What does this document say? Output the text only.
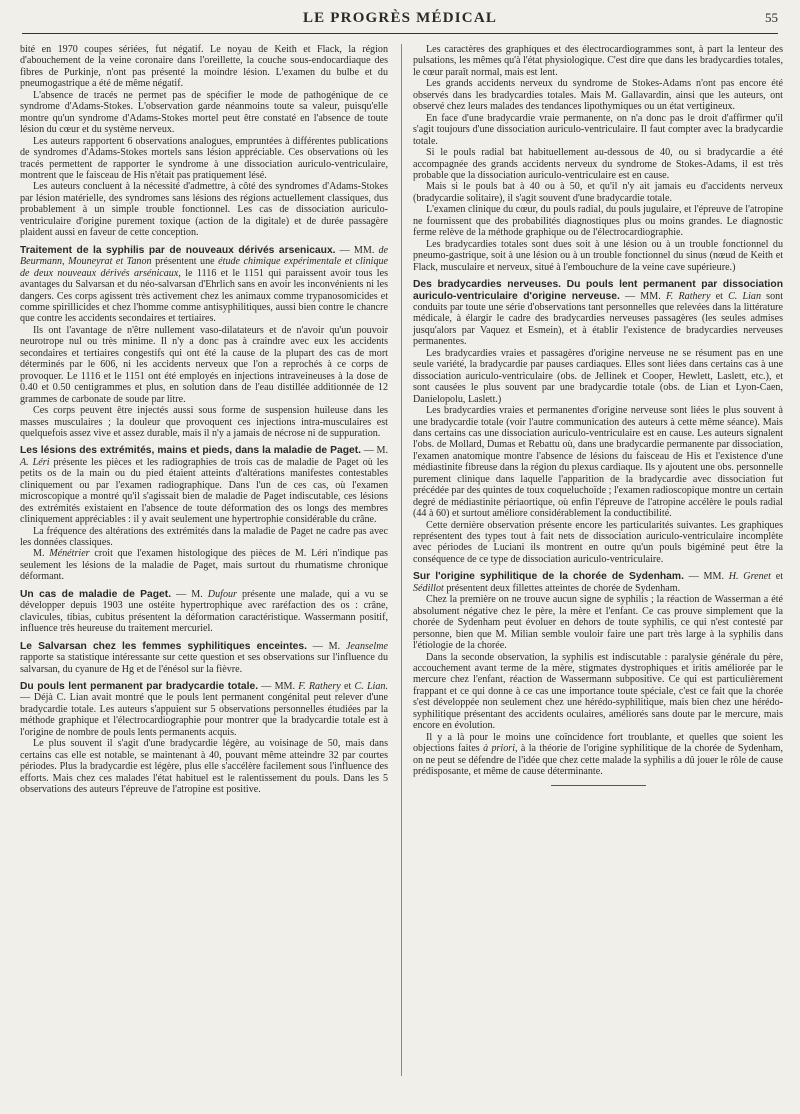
LE PROGRÈS MÉDICAL	55

bité en 1970 coupes sériées, fut négatif. Le noyau de Keith et Flack, la région d'abouchement de la veine coronaire dans l'oreillette, la couche sous-endocardiaque des fibres de Purkinje, n'ont pas présenté la moindre lésion. L'examen du bulbe et du pneumogastrique a été de même négatif.

L'absence de tracés ne permet pas de spécifier le mode de pathogénique de ce syndrome d'Adams-Stokes. L'observation garde néanmoins toute sa valeur, puisqu'elle montre qu'un syndrome d'Adams-Stokes mortel peut être constaté en l'absence de toute lésion du cœur et du système nerveux.

Les auteurs rapportent 6 observations analogues, empruntées à différentes publications de syndromes d'Adams-Stokes mortels sans lésion appréciable. Ces observations où les tracés permettent de rapporter le syndrome à une dissociation auriculo-ventriculaire, montrent que le faisceau de His n'était pas pratiquement lésé.

Les auteurs concluent à la nécessité d'admettre, à côté des syndromes d'Adams-Stokes par lésion matérielle, des syndromes sans lésions des régions actuellement classiques, dus probablement à un simple trouble fonctionnel. Les cas de dissociation auriculo-ventriculaire d'origine purement toxique (action de la digitale) et de durée passagère plaident aussi en faveur de cette conception.

Traitement de la syphilis par de nouveaux dérivés arsenicaux. — MM. de Beurmann, Mouneyrat et Tanon présentent une étude chimique expérimentale et clinique de deux nouveaux dérivés arsénicaux, le 1116 et le 1151 qui paraissent avoir tous les avantages du Salvarsan et du néo-salvarsan d'Ehrlich sans en avoir les inconvénients ni les dangers. Ces corps agissent très activement chez les animaux comme trypanosomicides et comme spirillicides et chez l'homme comme antisyphilitiques, aussi bien contre le chancre que contre les accidents secondaires et tertiaires.

Ils ont l'avantage de n'être nullement vaso-dilatateurs et de n'avoir qu'un pouvoir neurotrope nul ou très minime. Il n'y a donc pas à craindre avec eux les accidents secondaires et tertiaires congestifs qui ont été la cause de la plupart des cas de mort déterminés par le 606, ni les accidents nerveux que l'on a reprochés à ce corps de provoquer. Le 1116 et le 1151 ont été employés en injections intraveineuses à la dose de 0.40 et 0.50 centigrammes et plus, en solution dans de l'eau distillée additionnée de 12 grammes de carbonate de soude par litre.

Ces corps peuvent être injectés aussi sous forme de suspension huileuse dans les masses musculaires ; la douleur que provoquent ces injections intra-musculaires est quelquefois assez vive et assez durable, mais il n'y a jamais de nécrose ni de suppuration.

Les lésions des extrémités, mains et pieds, dans la maladie de Paget. — M. A. Léri présente les pièces et les radiographies de trois cas de maladie de Paget où les petits os de la main ou du pied étaient atteints d'altérations manifestes contestables cliniquement ou par l'examen radiographique. Dans l'un de ces cas, où l'examen microscopique a montré qu'il s'agissait bien de maladie de Paget indiscutable, ces lésions des extrémités existaient en l'absence de toute déformation des os longs des membres cliniquement appréciables : il y avait seulement une hypertrophie considérable du crâne.

La fréquence des altérations des extrémités dans la maladie de Paget ne cadre pas avec les données classiques.

M. Ménétrier croit que l'examen histologique des pièces de M. Léri n'indique pas seulement les lésions de la maladie de Paget, mais surtout du rhumatisme chronique déformant.

Un cas de maladie de Paget. — M. Dufour présente une malade, qui a vu se développer depuis 1903 une ostéite hypertrophique avec raréfaction des os : crâne, clavicules, tibias, cubitus présentent la déformation caractéristique. Wassermann positif, influence très heureuse du traitement mercuriel.

Le Salvarsan chez les femmes syphilitiques enceintes. — M. Jeanselme rapporte sa statistique intéressante sur cette question et ses observations sur l'influence du salvarsan, du cyanure de Hg et de l'énésol sur la fièvre.

Du pouls lent permanent par bradycardie totale. — MM. F. Rathery et C. Lian. — Déjà C. Lian avait montré que le pouls lent permanent congénital peut relever d'une bradycardie totale. Les auteurs s'appuient sur 5 observations personnelles étudiées par la méthode graphique et l'électrocardiographie pour montrer que la bradycardie totale est à l'origine de nombre de pouls lents permanents acquis.

Le plus souvent il s'agit d'une bradycardie légère, au voisinage de 50, mais dans certains cas elle est notable, se maintenant à 40, pouvant même atteindre 32 par courtes périodes. Plus la bradycardie est légère, plus elle s'accélère facilement sous l'influence des efforts. Mais chez ces malades l'état habituel est le ralentissement du pouls. Dans les 5 observations des auteurs l'épreuve de l'atropine est positive.

Les caractères des graphiques et des électrocardiogrammes sont, à part la lenteur des pulsations, les mêmes qu'à l'état physiologique. C'est dire que dans les bradycardies totales, le cœur paraît normal, mais est lent.

Les grands accidents nerveux du syndrome de Stokes-Adams n'ont pas encore été observés dans les bradycardies totales. Mais M. Gallavardin, ainsi que les auteurs, ont observé chez leurs malades des tendances lipothymiques ou un état vertigineux.

En face d'une bradycardie vraie permanente, on n'a donc pas le droit d'affirmer qu'il s'agit toujours d'une dissociation auriculo-ventriculaire. Il faut compter avec la bradycardie totale.

Si le pouls radial bat habituellement au-dessous de 40, ou si bradycardie a été accompagnée des grands accidents nerveux du syndrome de Stokes-Adams, il est très probable que la dissociation auriculo-ventriculaire est en cause.

Mais si le pouls bat à 40 ou à 50, et qu'il n'y ait jamais eu d'accidents nerveux (bradycardie solitaire), il s'agit souvent d'une bradycardie totale.

L'examen clinique du cœur, du pouls radial, du pouls jugulaire, et l'épreuve de l'atropine ne fournissent que des probabilités diagnostiques plus ou moins grandes. Le diagnostic ferme relève de la méthode graphique ou de l'électrocardiographie.

Les bradycardies totales sont dues soit à une lésion ou à un trouble fonctionnel du pneumo-gastrique, soit à une lésion ou à un trouble fonctionnel du sinus (nœud de Keith et Flack, musculaire et nerveux, situé à l'embouchure de la veine cave supérieure.)

Des bradycardies nerveuses. Du pouls lent permanent par dissociation auriculo-ventriculaire d'origine nerveuse. — MM. F. Rathery et C. Lian sont conduits par toute une série d'observations tant personnelles que relevées dans la littérature médicale, à élargir le cadre des bradycardies nerveuses passagères (les seules admises jusqu'alors par Vaquez et Esmein), et à établir l'existence de bradycardies nerveuses permanentes.

Les bradycardies vraies et passagères d'origine nerveuse ne se résument pas en une seule variété, la bradycardie par pauses cardiaques. Elles sont liées dans certains cas à une dissociation auriculo-ventriculaire (obs. de Jellinek et Cooper, Hewlett, Laslett, etc.), et sont causées le plus souvent par une bradycardie totale (obs. de Lian et Lyon-Caen, Danielopolu, Laslett.)

Les bradycardies vraies et permanentes d'origine nerveuse sont liées le plus souvent à une bradycardie totale (voir l'autre communication des auteurs à cette même séance). Mais dans certains cas une dissociation auriculo-ventriculaire est en cause. Les auteurs signalent l'obs. de Mollard, Dumas et Rebattu où, dans une bradycardie permanente par dissociation, l'examen anatomique montre l'absence de lésions du faisceau de His et l'existence d'une médiastinite fibreuse dans la région du plexus cardiaque. Ils y ajoutent une obs. personnelle purement clinique dans laquelle l'apparition de la bradycardie avec dissociation fut précédée par des quintes de toux coqueluchoïde ; l'examen radioscopique montre un certain degré de médiastinite périaortique, où enfin l'épreuve de l'atropine accélère le pouls radial (44 à 60) et surtout améliore considérablement la conductibilité.

Cette dernière observation présente encore les particularités suivantes. Les graphiques représentent des types tout à fait nets de dissociation auriculo-ventriculaire incomplète avec périodes de Luciani ils montrent en outre qu'un pouls bigéminé peut être la conséquence de ce type de dissociation auriculo-ventriculaire.

Sur l'origine syphilitique de la chorée de Sydenham. — MM. H. Grenet et Sédillot présentent deux fillettes atteintes de chorée de Sydenham.

Chez la première on ne trouve aucun signe de syphilis ; la réaction de Wasserman a été absolument négative chez le père, la mère et l'enfant. Ce cas prouve simplement que la chorée de Sydenham peut évoluer en dehors de toute syphilis, ce qui n'est contesté par personne, bien que M. Milian semble vouloir faire une part très large à la syphilis dans l'étiologie de la chorée.

Dans la seconde observation, la syphilis est indiscutable : paralysie générale du père, accouchement avant terme de la mère, stigmates dystrophiques et iritis améliorée par le mercure chez l'enfant, réaction de Wassermann subpositive. Ce qui est particulièrement frappant et ce qui donne à ce cas une importance toute spéciale, c'est ce fait que la chorée s'est développée non seulement chez une hérédo-syphilitique, mais bien chez une hérédo-syphilitique présentant des accidents oculaires, améliorés sans doute par le mercure, mais encore en évolution.

Il y a là pour le moins une coïncidence fort troublante, et quelles que soient les objections faites à priori, à la théorie de l'origine syphilitique de la chorée de Sydenham, on ne peut se défendre de l'idée que chez cette malade la syphilis a dû jouer le rôle de cause prédisposante, et même de cause déterminante.
